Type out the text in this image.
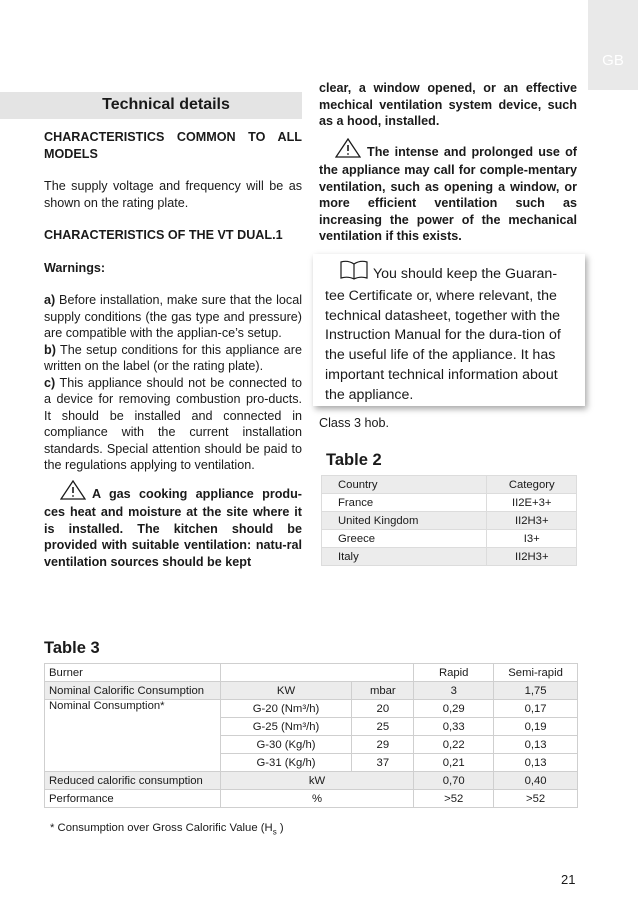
GB
Technical details

CHARACTERISTICS COMMON TO ALL MODELS

The supply voltage and frequency will be as shown on the rating plate.

CHARACTERISTICS OF THE VT DUAL.1

Warnings:

a) Before installation, make sure that the local supply conditions (the gas type and pressure) are compatible with the applian-ce’s setup.

b) The setup conditions for this appliance are written on the label (or the rating plate).

c) This appliance should not be connected to a device for removing combustion pro-ducts. It should be installed and connected in compliance with the current installation standards. Special attention should be paid to the regulations applying to ventilation.

A gas cooking appliance produ-ces heat and moisture at the site where it is installed. The kitchen should be provided with suitable ventilation: natu-ral ventilation sources should be kept

clear, a window opened, or an effective mechical ventilation system device, such as a hood, installed.

The intense and prolonged use of the appliance may call for comple-mentary ventilation, such as opening a window, or more efficient ventilation such as increasing the power of the mechanical ventilation if this exists.

You should keep the Guaran-tee Certificate or, where relevant, the technical datasheet, together with the Instruction Manual for the dura-tion of the useful life of the appliance. It has important technical information about the appliance.
Class 3 hob.
Table 2
Country	Category
France	II2E+3+
United Kingdom	II2H3+
Greece	I3+
Italy	II2H3+
Table 3
Burner			Rapid	Semi-rapid
Nominal Calorific Consumption	KW	mbar	3	1,75
Nominal Consumption*	G-20 (Nm³/h)	20	0,29	0,17
	G-25 (Nm³/h)	25	0,33	0,19
	G-30 (Kg/h)	29	0,22	0,13
	G-31 (Kg/h)	37	0,21	0,13
Reduced calorific consumption	kW		0,70	0,40
Performance	%		>52	>52
* Consumption over Gross Calorific Value ($H_s$ )
21
